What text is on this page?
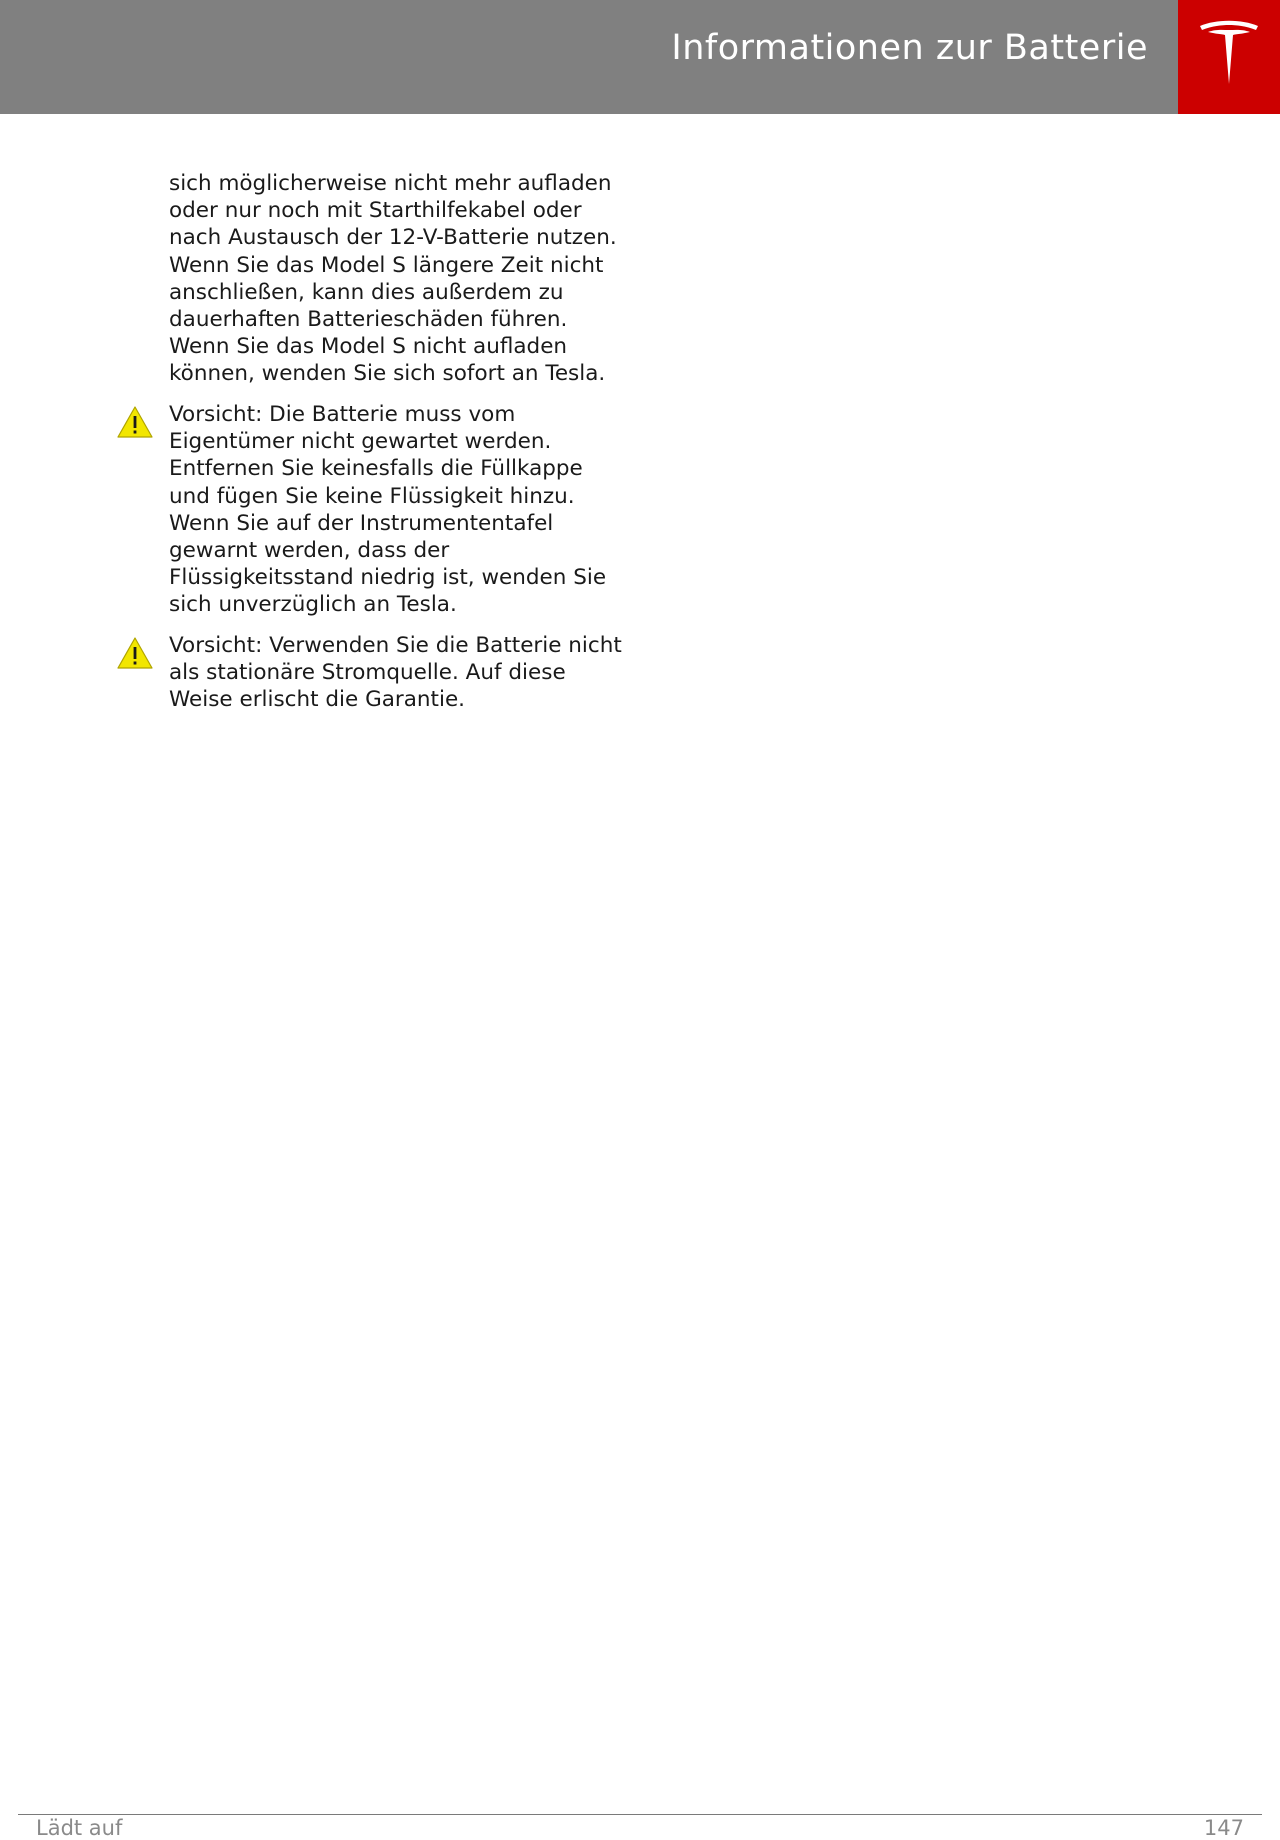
Informationen zur Batterie

sich möglicherweise nicht mehr aufladen
oder nur noch mit Starthilfekabel oder
nach Austausch der 12-V-Batterie nutzen.
Wenn Sie das Model S längere Zeit nicht
anschließen, kann dies außerdem zu
dauerhaften Batterieschäden führen.
Wenn Sie das Model S nicht aufladen
können, wenden Sie sich sofort an Tesla.

Vorsicht: Die Batterie muss vom
Eigentümer nicht gewartet werden.
Entfernen Sie keinesfalls die Füllkappe
und fügen Sie keine Flüssigkeit hinzu.
Wenn Sie auf der Instrumententafel
gewarnt werden, dass der
Flüssigkeitsstand niedrig ist, wenden Sie
sich unverzüglich an Tesla.

Vorsicht: Verwenden Sie die Batterie nicht
als stationäre Stromquelle. Auf diese
Weise erlischt die Garantie.

Lädt auf	147
